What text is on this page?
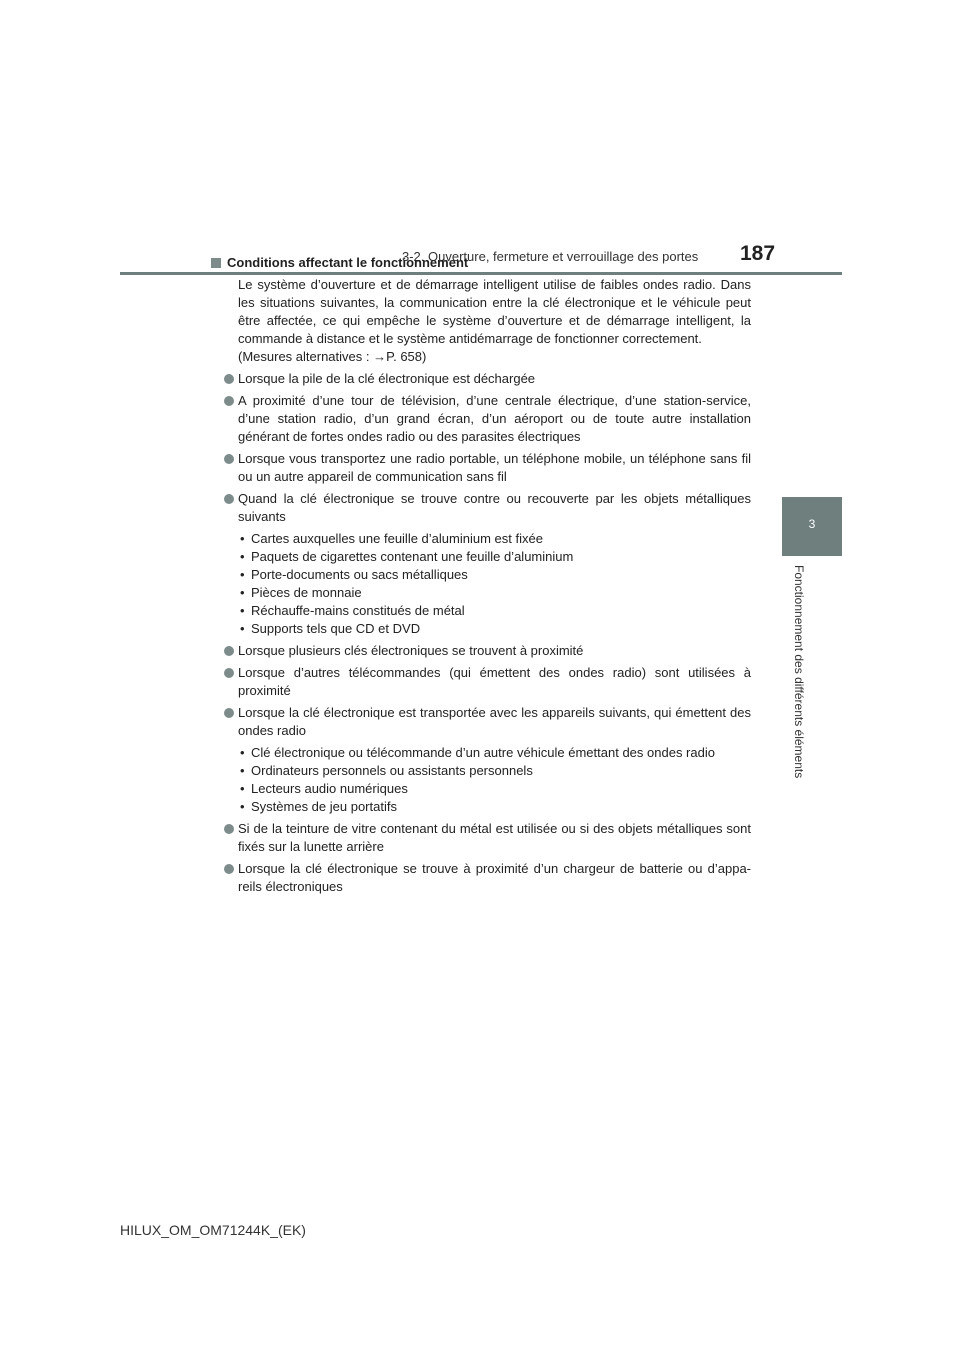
3-2. Ouverture, fermeture et verrouillage des portes 187
3
Fonctionnement des différents éléments
Conditions affectant le fonctionnement
Le système d’ouverture et de démarrage intelligent utilise de faibles ondes radio. Dans les situations suivantes, la communication entre la clé électronique et le véhicule peut être affectée, ce qui empêche le système d’ouverture et de démarrage intelligent, la commande à distance et le système antidémarrage de fonctionner correctement.
(Mesures alternatives : →P. 658)
Lorsque la pile de la clé électronique est déchargée
A proximité d’une tour de télévision, d’une centrale électrique, d’une station-service, d’une station radio, d’un grand écran, d’un aéroport ou de toute autre installation générant de fortes ondes radio ou des parasites électriques
Lorsque vous transportez une radio portable, un téléphone mobile, un téléphone sans fil ou un autre appareil de communication sans fil
Quand la clé électronique se trouve contre ou recouverte par les objets métalliques suivants
• Cartes auxquelles une feuille d’aluminium est fixée
• Paquets de cigarettes contenant une feuille d’aluminium
• Porte-documents ou sacs métalliques
• Pièces de monnaie
• Réchauffe-mains constitués de métal
• Supports tels que CD et DVD
Lorsque plusieurs clés électroniques se trouvent à proximité
Lorsque d’autres télécommandes (qui émettent des ondes radio) sont utilisées à proximité
Lorsque la clé électronique est transportée avec les appareils suivants, qui émettent des ondes radio
• Clé électronique ou télécommande d’un autre véhicule émettant des ondes radio
• Ordinateurs personnels ou assistants personnels
• Lecteurs audio numériques
• Systèmes de jeu portatifs
Si de la teinture de vitre contenant du métal est utilisée ou si des objets métalliques sont fixés sur la lunette arrière
Lorsque la clé électronique se trouve à proximité d’un chargeur de batterie ou d’appa-reils électroniques
HILUX_OM_OM71244K_(EK)
